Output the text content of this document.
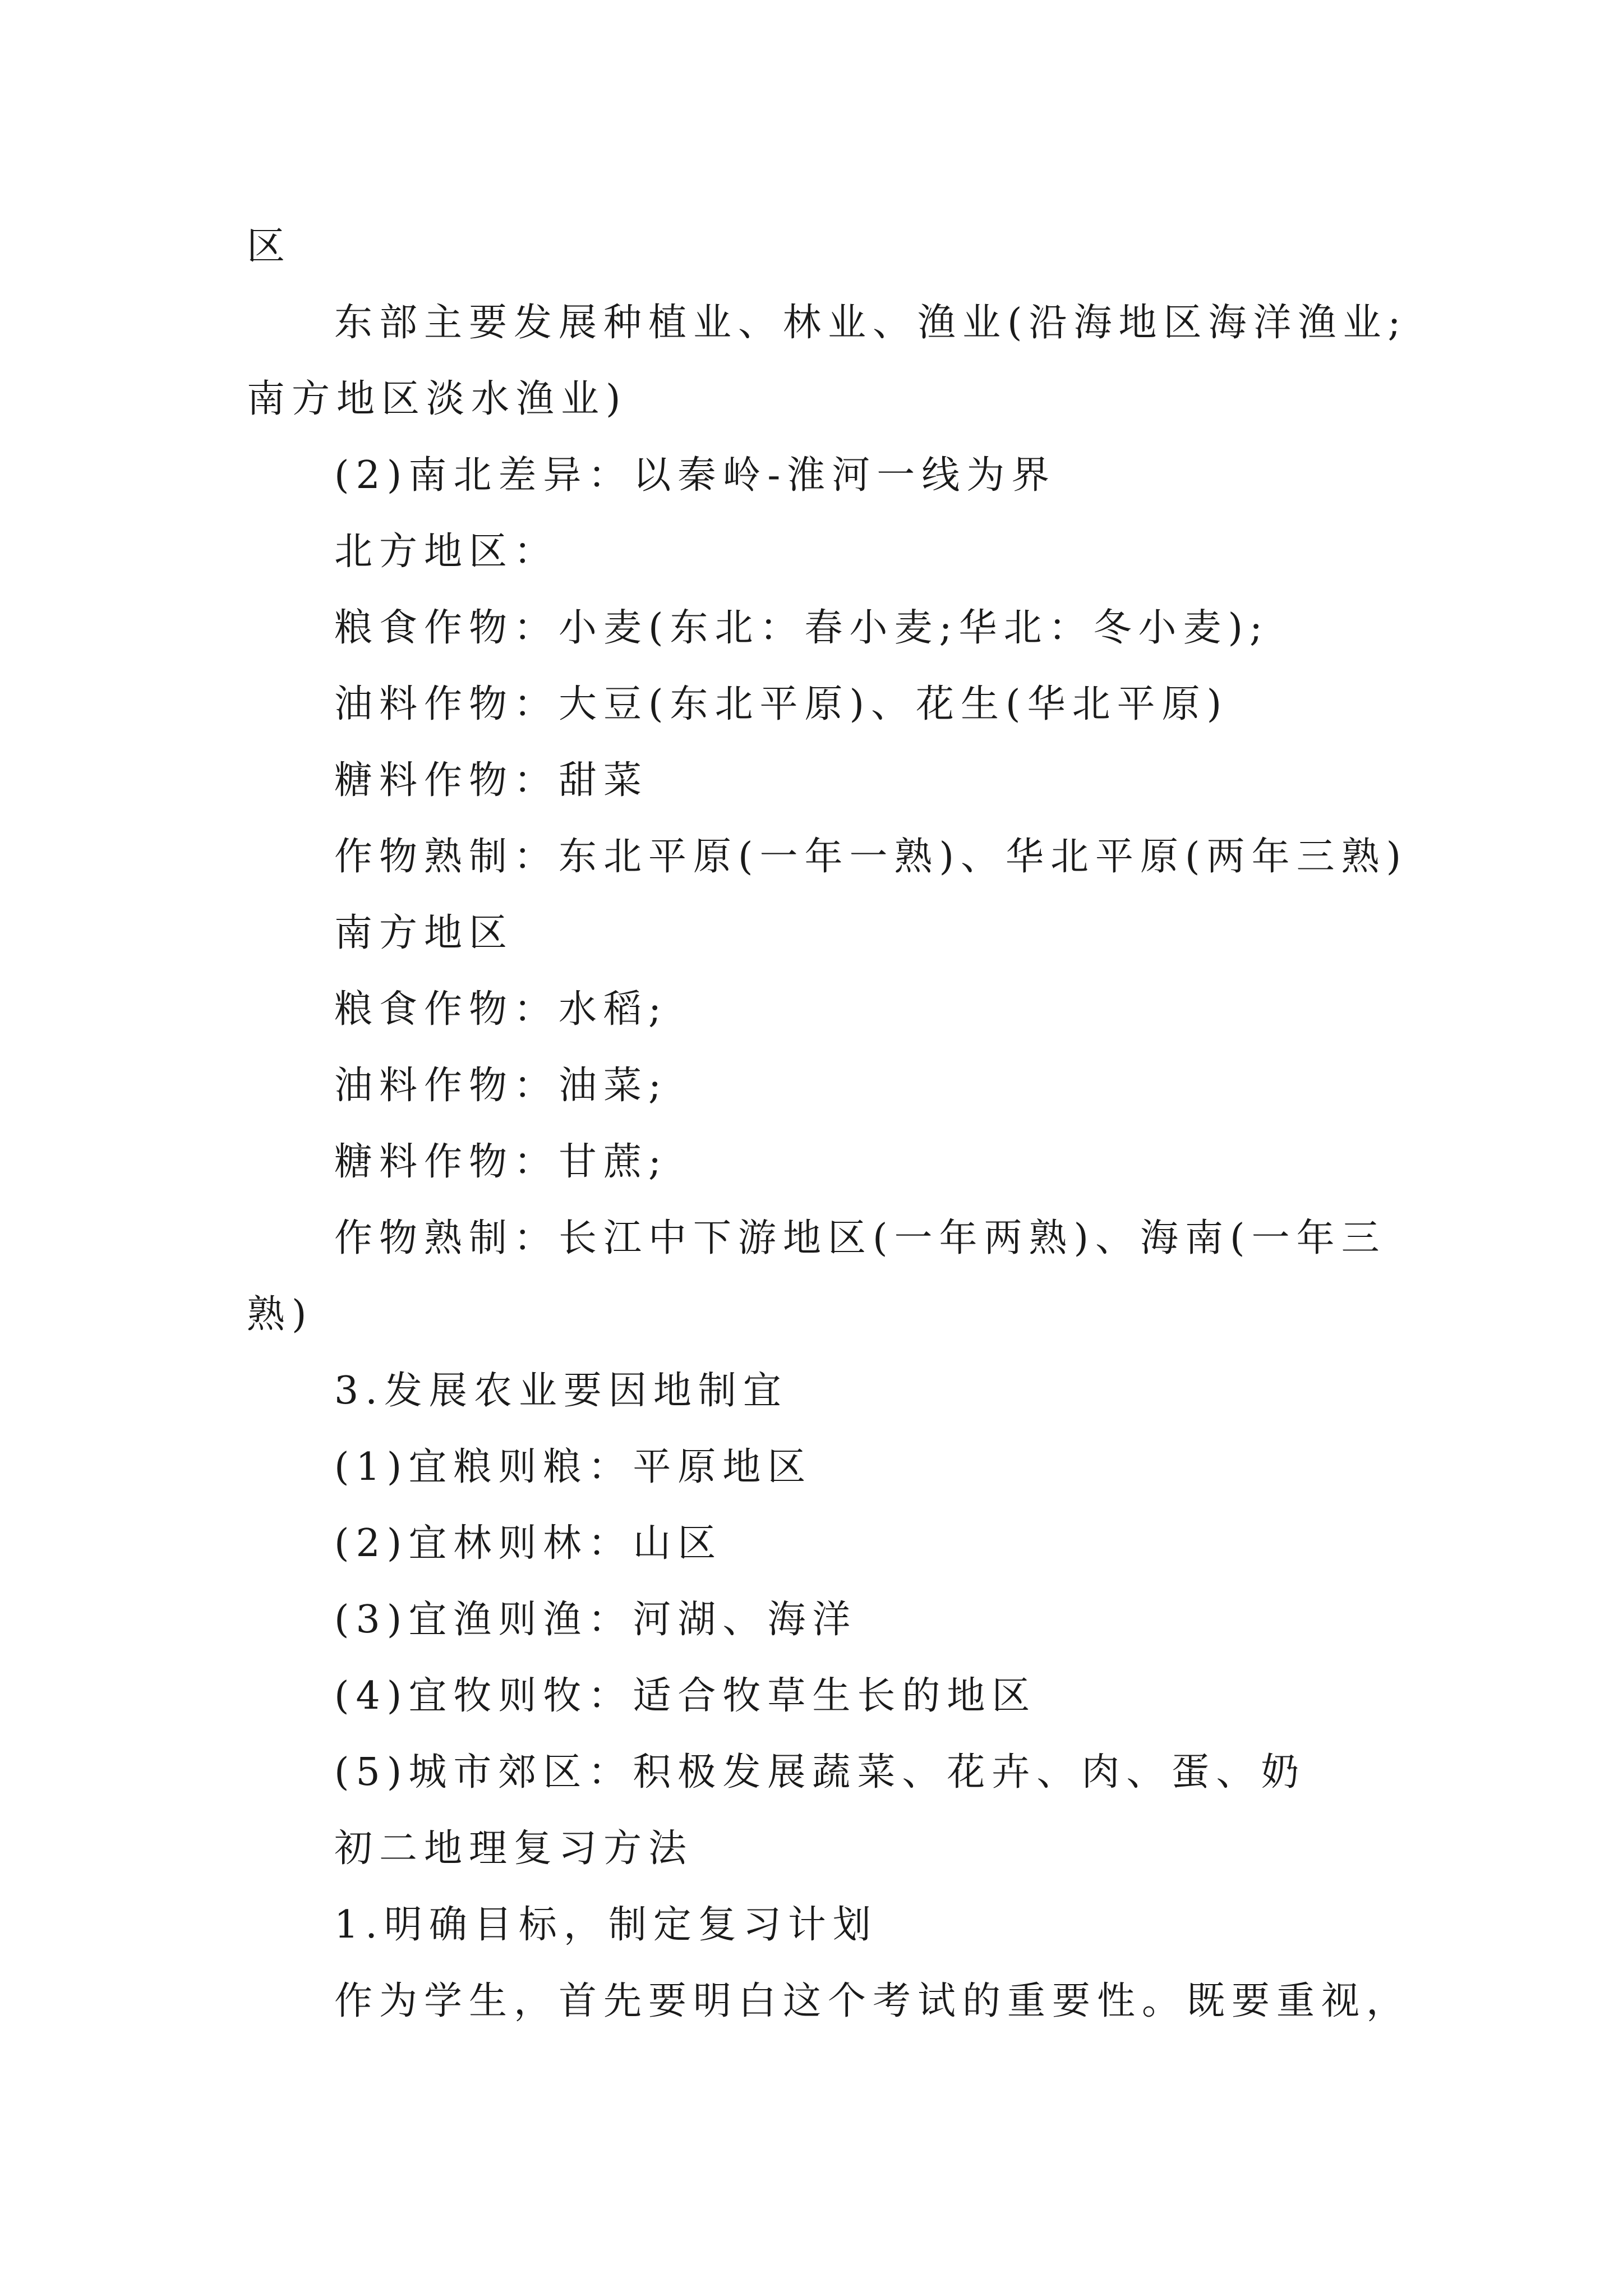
区
东部主要发展种植业、林业、渔业(沿海地区海洋渔业;
南方地区淡水渔业)
(2)南北差异：以秦岭-淮河一线为界
北方地区：
粮食作物：小麦(东北：春小麦;华北：冬小麦);
油料作物：大豆(东北平原)、花生(华北平原)
糖料作物：甜菜
作物熟制：东北平原(一年一熟)、华北平原(两年三熟)
南方地区
粮食作物：水稻;
油料作物：油菜;
糖料作物：甘蔗;
作物熟制：长江中下游地区(一年两熟)、海南(一年三
熟)
3.发展农业要因地制宜
(1)宜粮则粮：平原地区
(2)宜林则林：山区
(3)宜渔则渔：河湖、海洋
(4)宜牧则牧：适合牧草生长的地区
(5)城市郊区：积极发展蔬菜、花卉、肉、蛋、奶
初二地理复习方法
1.明确目标，制定复习计划
作为学生，首先要明白这个考试的重要性。既要重视，
